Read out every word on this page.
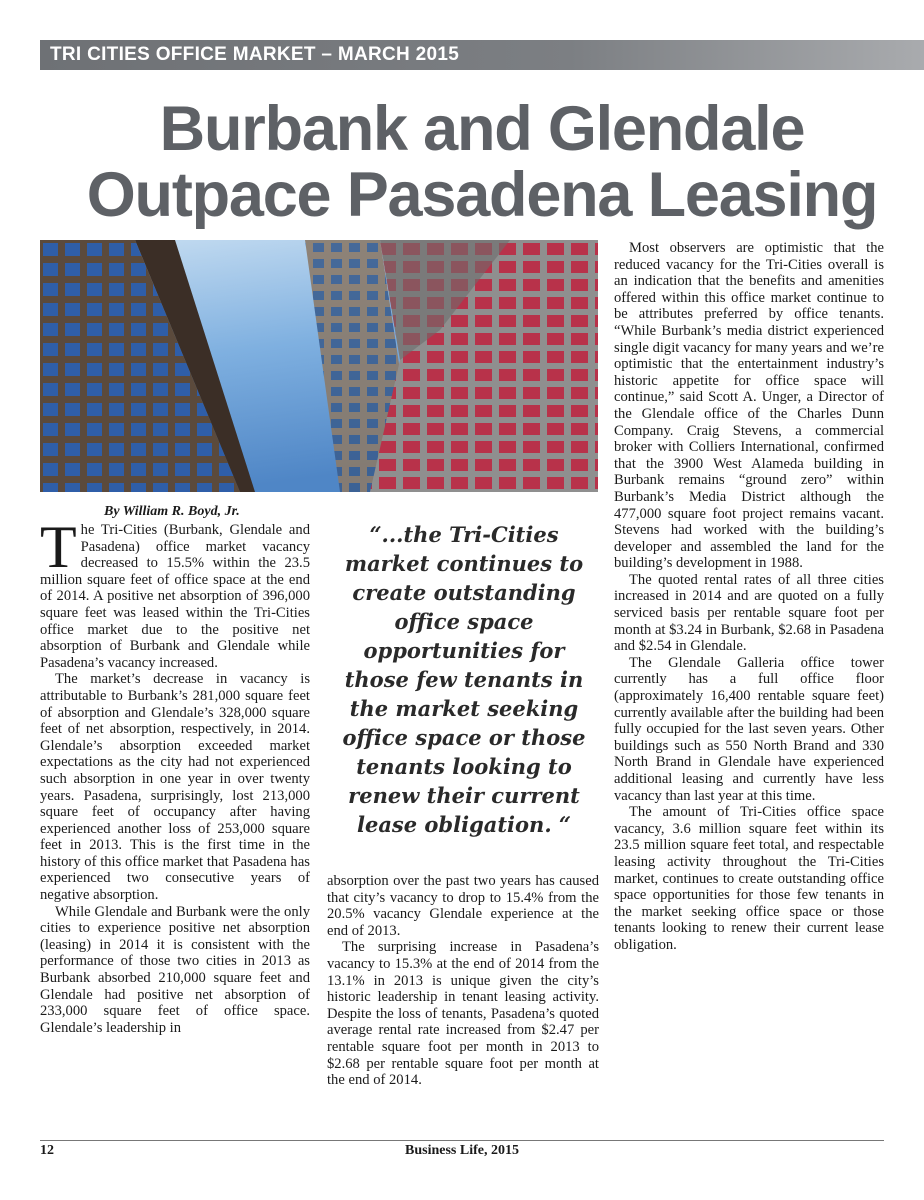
TRI CITIES OFFICE MARKET – MARCH 2015
Burbank and Glendale
Outpace Pasadena Leasing
By William R. Boyd, Jr.

The Tri-Cities (Burbank, Glendale and Pasadena) office market vacancy decreased to 15.5% within the 23.5 million square feet of office space at the end of 2014. A positive net absorption of 396,000 square feet was leased within the Tri-Cities office market due to the positive net absorption of Burbank and Glendale while Pasadena’s vacancy increased.

The market’s decrease in vacancy is attributable to Burbank’s 281,000 square feet of absorption and Glendale’s 328,000 square feet of net absorption, respectively, in 2014. Glendale’s absorption exceeded market expectations as the city had not experienced such absorption in one year in over twenty years. Pasadena, surprisingly, lost 213,000 square feet of occupancy after having experienced another loss of 253,000 square feet in 2013. This is the first time in the history of this office market that Pasadena has experienced two consecutive years of negative absorption.

While Glendale and Burbank were the only cities to experience positive net absorption (leasing) in 2014 it is consistent with the performance of those two cities in 2013 as Burbank absorbed 210,000 square feet and Glendale had positive net absorption of 233,000 square feet of office space. Glendale’s leadership in

“...the Tri-Cities market continues to create outstanding office space opportunities for those few tenants in the market seeking office space or those tenants looking to renew their current lease obligation. “

absorption over the past two years has caused that city’s vacancy to drop to 15.4% from the 20.5% vacancy Glendale experience at the end of 2013.

The surprising increase in Pasadena’s vacancy to 15.3% at the end of 2014 from the 13.1% in 2013 is unique given the city’s historic leadership in tenant leasing activity. Despite the loss of tenants, Pasadena’s quoted average rental rate increased from $2.47 per rentable square foot per month in 2013 to $2.68 per rentable square foot per month at the end of 2014.

Most observers are optimistic that the reduced vacancy for the Tri-Cities overall is an indication that the benefits and amenities offered within this office market continue to be attributes preferred by office tenants. “While Burbank’s media district experienced single digit vacancy for many years and we’re optimistic that the entertainment industry’s historic appetite for office space will continue,” said Scott A. Unger, a Director of the Glendale office of the Charles Dunn Company. Craig Stevens, a commercial broker with Colliers International, confirmed that the 3900 West Alameda building in Burbank remains “ground zero” within Burbank’s Media District although the 477,000 square foot project remains vacant. Stevens had worked with the building’s developer and assembled the land for the building’s development in 1988.

The quoted rental rates of all three cities increased in 2014 and are quoted on a fully serviced basis per rentable square foot per month at $3.24 in Burbank, $2.68 in Pasadena and $2.54 in Glendale.

The Glendale Galleria office tower currently has a full office floor (approximately 16,400 rentable square feet) currently available after the building had been fully occupied for the last seven years. Other buildings such as 550 North Brand and 330 North Brand in Glendale have experienced additional leasing and currently have less vacancy than last year at this time.

The amount of Tri-Cities office space vacancy, 3.6 million square feet within its 23.5 million square feet total, and respectable leasing activity throughout the Tri-Cities market, continues to create outstanding office space opportunities for those few tenants in the market seeking office space or those tenants looking to renew their current lease obligation.

12	Business Life, 2015
